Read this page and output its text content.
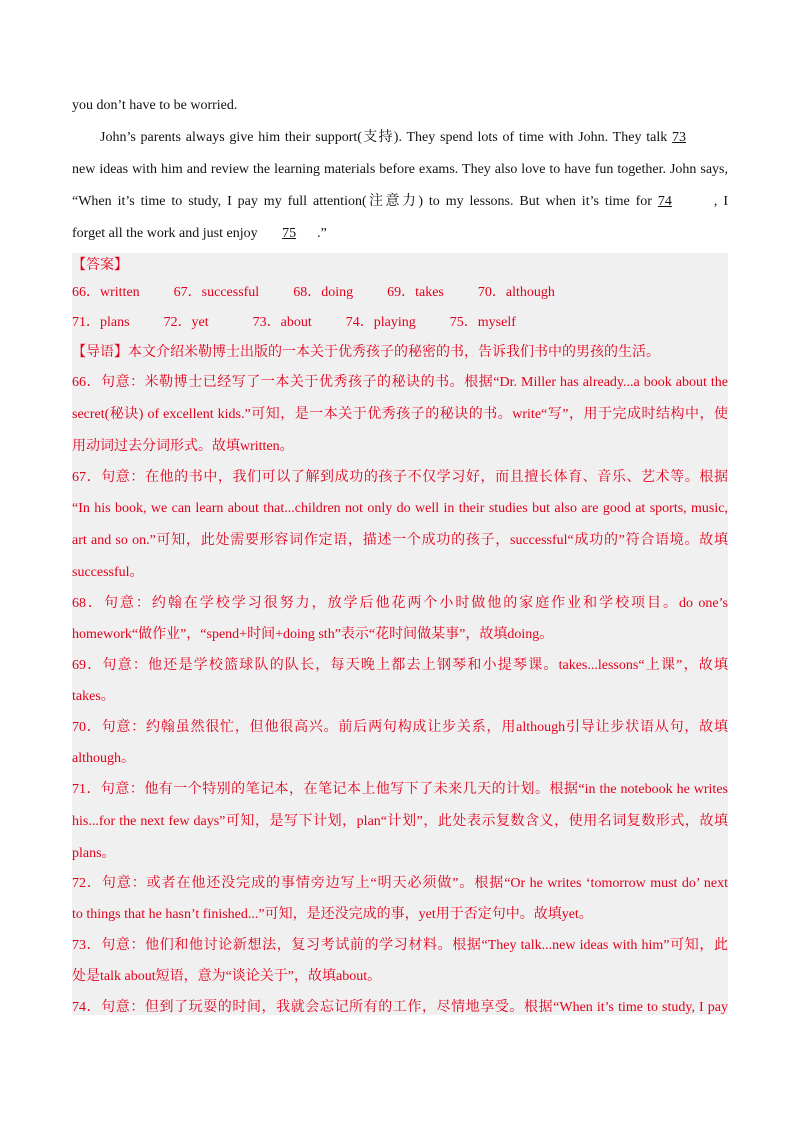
you don’t have to be worried.
John’s parents always give him their support(支持). They spend lots of time with John. They talk 73
new ideas with him and review the learning materials before exams. They also love to have fun together. John says,
“When it’s time to study, I pay my full attention(注意力) to my lessons. But when it’s time for 74	, I
forget all the work and just enjoy 75 .”
【答案】
66．written 67．successful 68．doing 69．takes 70．although
71．plans 72．yet	73．about 74．playing 75．myself
【导语】本文介绍米勒博士出版的一本关于优秀孩子的秘密的书，告诉我们书中的男孩的生活。
66．句意：米勒博士已经写了一本关于优秀孩子的秘诀的书。根据“Dr. Miller has already...a book about the
secret(秘诀) of excellent kids.”可知，是一本关于优秀孩子的秘诀的书。write“写”，用于完成时结构中，使
用动词过去分词形式。故填written。
67．句意：在他的书中，我们可以了解到成功的孩子不仅学习好，而且擅长体育、音乐、艺术等。根据
“In his book, we can learn about that...children not only do well in their studies but also are good at sports, music,
art and so on.”可知，此处需要形容词作定语，描述一个成功的孩子，successful“成功的”符合语境。故填
successful。
68．句意：约翰在学校学习很努力，放学后他花两个小时做他的家庭作业和学校项目。do one’s
homework“做作业”，“spend+时间+doing sth”表示“花时间做某事”，故填doing。
69．句意：他还是学校篮球队的队长，每天晚上都去上钢琴和小提琴课。takes...lessons“上课”，故填
takes。
70．句意：约翰虽然很忙，但他很高兴。前后两句构成让步关系，用although引导让步状语从句，故填
although。
71．句意：他有一个特别的笔记本，在笔记本上他写下了未来几天的计划。根据“in the notebook he writes
his...for the next few days”可知，是写下计划，plan“计划”，此处表示复数含义，使用名词复数形式，故填
plans。
72．句意：或者在他还没完成的事情旁边写上“明天必须做”。根据“Or he writes ‘tomorrow must do’ next
to things that he hasn’t finished...”可知，是还没完成的事，yet用于否定句中。故填yet。
73．句意：他们和他讨论新想法，复习考试前的学习材料。根据“They talk...new ideas with him”可知，此
处是talk about短语，意为“谈论关于”，故填about。
74．句意：但到了玩耍的时间，我就会忘记所有的工作，尽情地享受。根据“When it’s time to study, I pay
